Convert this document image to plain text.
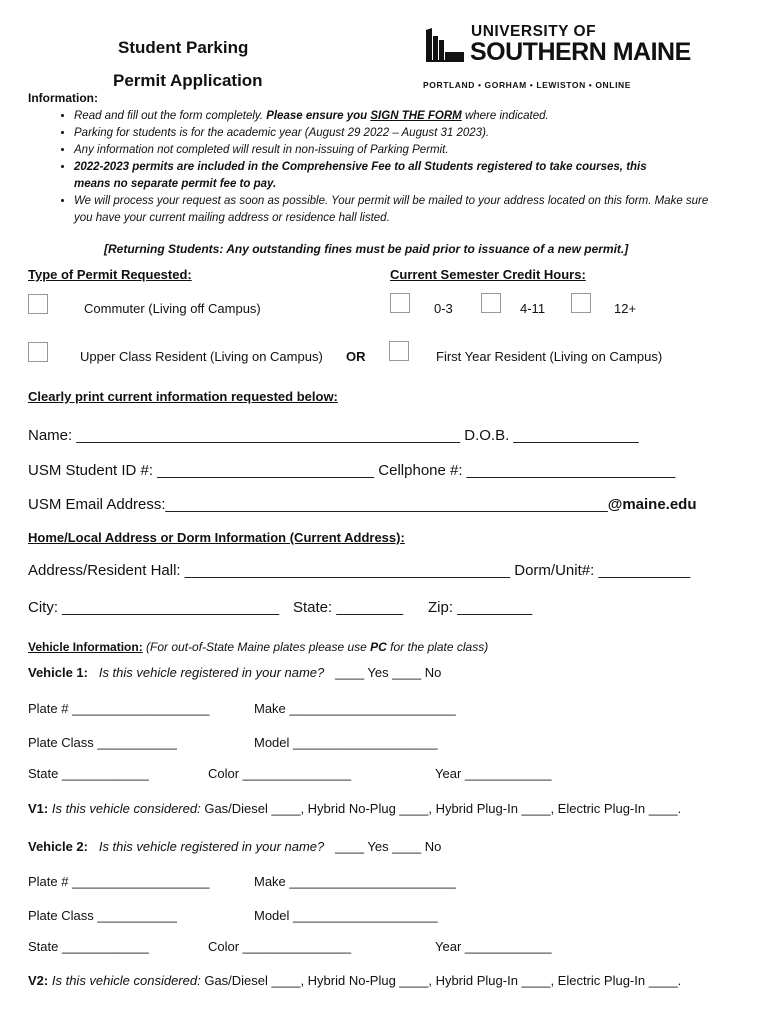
Student Parking
Permit Application
UNIVERSITY OF
SOUTHERN MAINE
PORTLAND • GORHAM • LEWISTON • ONLINE
Information:
• Read and fill out the form completely. Please ensure you SIGN THE FORM where indicated.
• Parking for students is for the academic year (August 29 2022 – August 31 2023).
• Any information not completed will result in non-issuing of Parking Permit.
• 2022-2023 permits are included in the Comprehensive Fee to all Students registered to take courses, this means no separate permit fee to pay.
• We will process your request as soon as possible. Your permit will be mailed to your address located on this form. Make sure you have your current mailing address or residence hall listed.
[Returning Students: Any outstanding fines must be paid prior to issuance of a new permit.]
Type of Permit Requested:	Current Semester Credit Hours:
Commuter (Living off Campus)	0-3	4-11	12+
Upper Class Resident (Living on Campus) OR	First Year Resident (Living on Campus)
Clearly print current information requested below:
Name: ______________________________________________ D.O.B. _______________
USM Student ID #: __________________________ Cellphone #: _________________________
USM Email Address:_____________________________________________________@maine.edu
Home/Local Address or Dorm Information (Current Address):
Address/Resident Hall: _______________________________________ Dorm/Unit#: ___________
City: __________________________ State: ________ Zip: _________
Vehicle Information: (For out-of-State Maine plates please use PC for the plate class)
Vehicle 1: Is this vehicle registered in your name? ____ Yes ____ No
Plate # ___________________	Make _______________________
Plate Class ___________	Model ____________________
State ____________	Color _______________	Year ____________
V1: Is this vehicle considered: Gas/Diesel ____, Hybrid No-Plug ____, Hybrid Plug-In ____, Electric Plug-In ____.
Vehicle 2: Is this vehicle registered in your name? ____ Yes ____ No
Plate # ___________________	Make _______________________
Plate Class ___________	Model ____________________
State ____________	Color _______________	Year ____________
V2: Is this vehicle considered: Gas/Diesel ____, Hybrid No-Plug ____, Hybrid Plug-In ____, Electric Plug-In ____.
